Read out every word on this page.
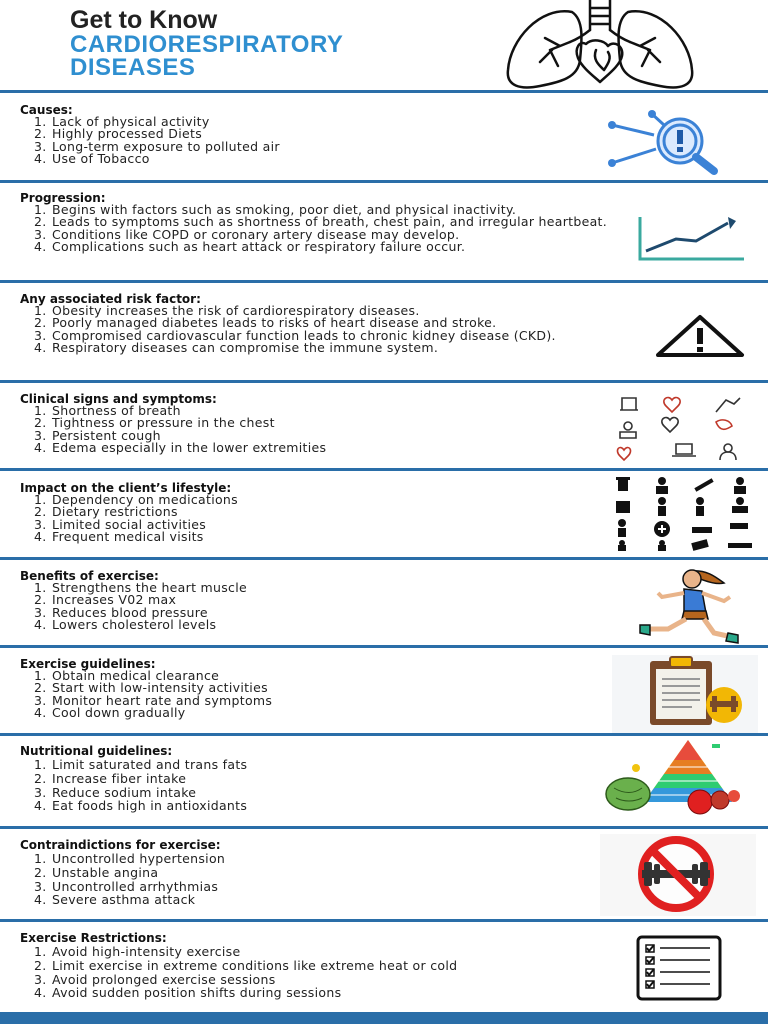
Get to Know
CARDIORESPIRATORY
DISEASES
Causes:
1. Lack of physical activity
2. Highly processed Diets
3. Long-term exposure to polluted air
4. Use of Tobacco
Progression:
1. Begins with factors such as smoking, poor diet, and physical inactivity.
2. Leads to symptoms such as shortness of breath, chest pain, and irregular heartbeat.
3. Conditions like COPD or coronary artery disease may develop.
4. Complications such as heart attack or respiratory failure occur.
Any associated risk factor:
1. Obesity increases the risk of cardiorespiratory diseases.
2. Poorly managed diabetes leads to risks of heart disease and stroke.
3. Compromised cardiovascular function leads to chronic kidney disease (CKD).
4. Respiratory diseases can compromise the immune system.
Clinical signs and symptoms:
1. Shortness of breath
2. Tightness or pressure in the chest
3. Persistent cough
4. Edema especially in the lower extremities
Impact on the client’s lifestyle:
1. Dependency on medications
2. Dietary restrictions
3. Limited social activities
4. Frequent medical visits
Benefits of exercise:
1. Strengthens the heart muscle
2. Increases V02 max
3. Reduces blood pressure
4. Lowers cholesterol levels
Exercise guidelines:
1. Obtain medical clearance
2. Start with low-intensity activities
3. Monitor heart rate and symptoms
4. Cool down gradually
Nutritional guidelines:
1. Limit saturated and trans fats
2. Increase fiber intake
3. Reduce sodium intake
4. Eat foods high in antioxidants
Contraindictions for exercise:
1. Uncontrolled hypertension
2. Unstable angina
3. Uncontrolled arrhythmias
4. Severe asthma attack
Exercise Restrictions:
1. Avoid high-intensity exercise
2. Limit exercise in extreme conditions like extreme heat or cold
3. Avoid prolonged exercise sessions
4. Avoid sudden position shifts during sessions
